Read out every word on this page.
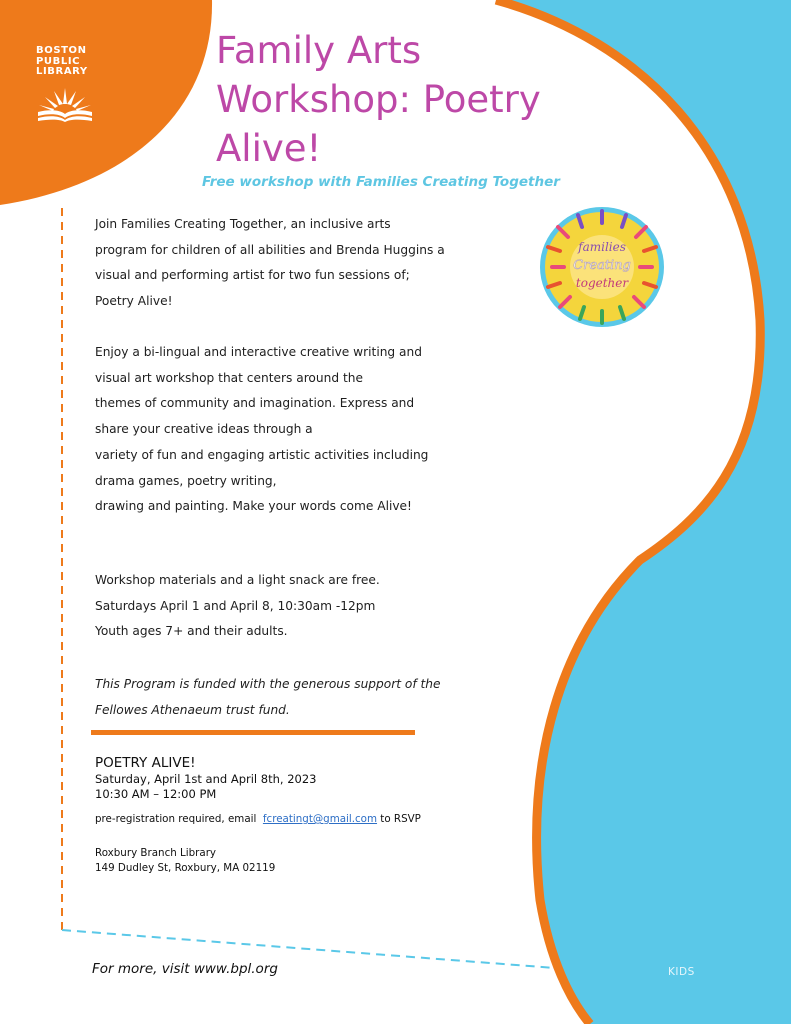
BOSTON
PUBLIC
LIBRARY	Family Arts
Workshop: Poetry
Alive!
Free workshop with Families Creating Together
families
Creating
together

Join Families Creating Together, an inclusive arts
program for children of all abilities and Brenda Huggins a
visual and performing artist for two fun sessions of;
Poetry Alive!

Enjoy a bi-lingual and interactive creative writing and
visual art workshop that centers around the
themes of community and imagination. Express and
share your creative ideas through a
variety of fun and engaging artistic activities including
drama games, poetry writing,
drawing and painting. Make your words come Alive!

Workshop materials and a light snack are free.
Saturdays April 1 and April 8, 10:30am -12pm
Youth ages 7+ and their adults.

This Program is funded with the generous support of the
Fellowes Athenaeum trust fund.

POETRY ALIVE!
Saturday, April 1st and April 8th, 2023
10:30 AM – 12:00 PM
pre-registration required, email  fcreatingt@gmail.com to RSVP
Roxbury Branch Library
149 Dudley St, Roxbury, MA 02119
For more, visit www.bpl.org	KIDS
